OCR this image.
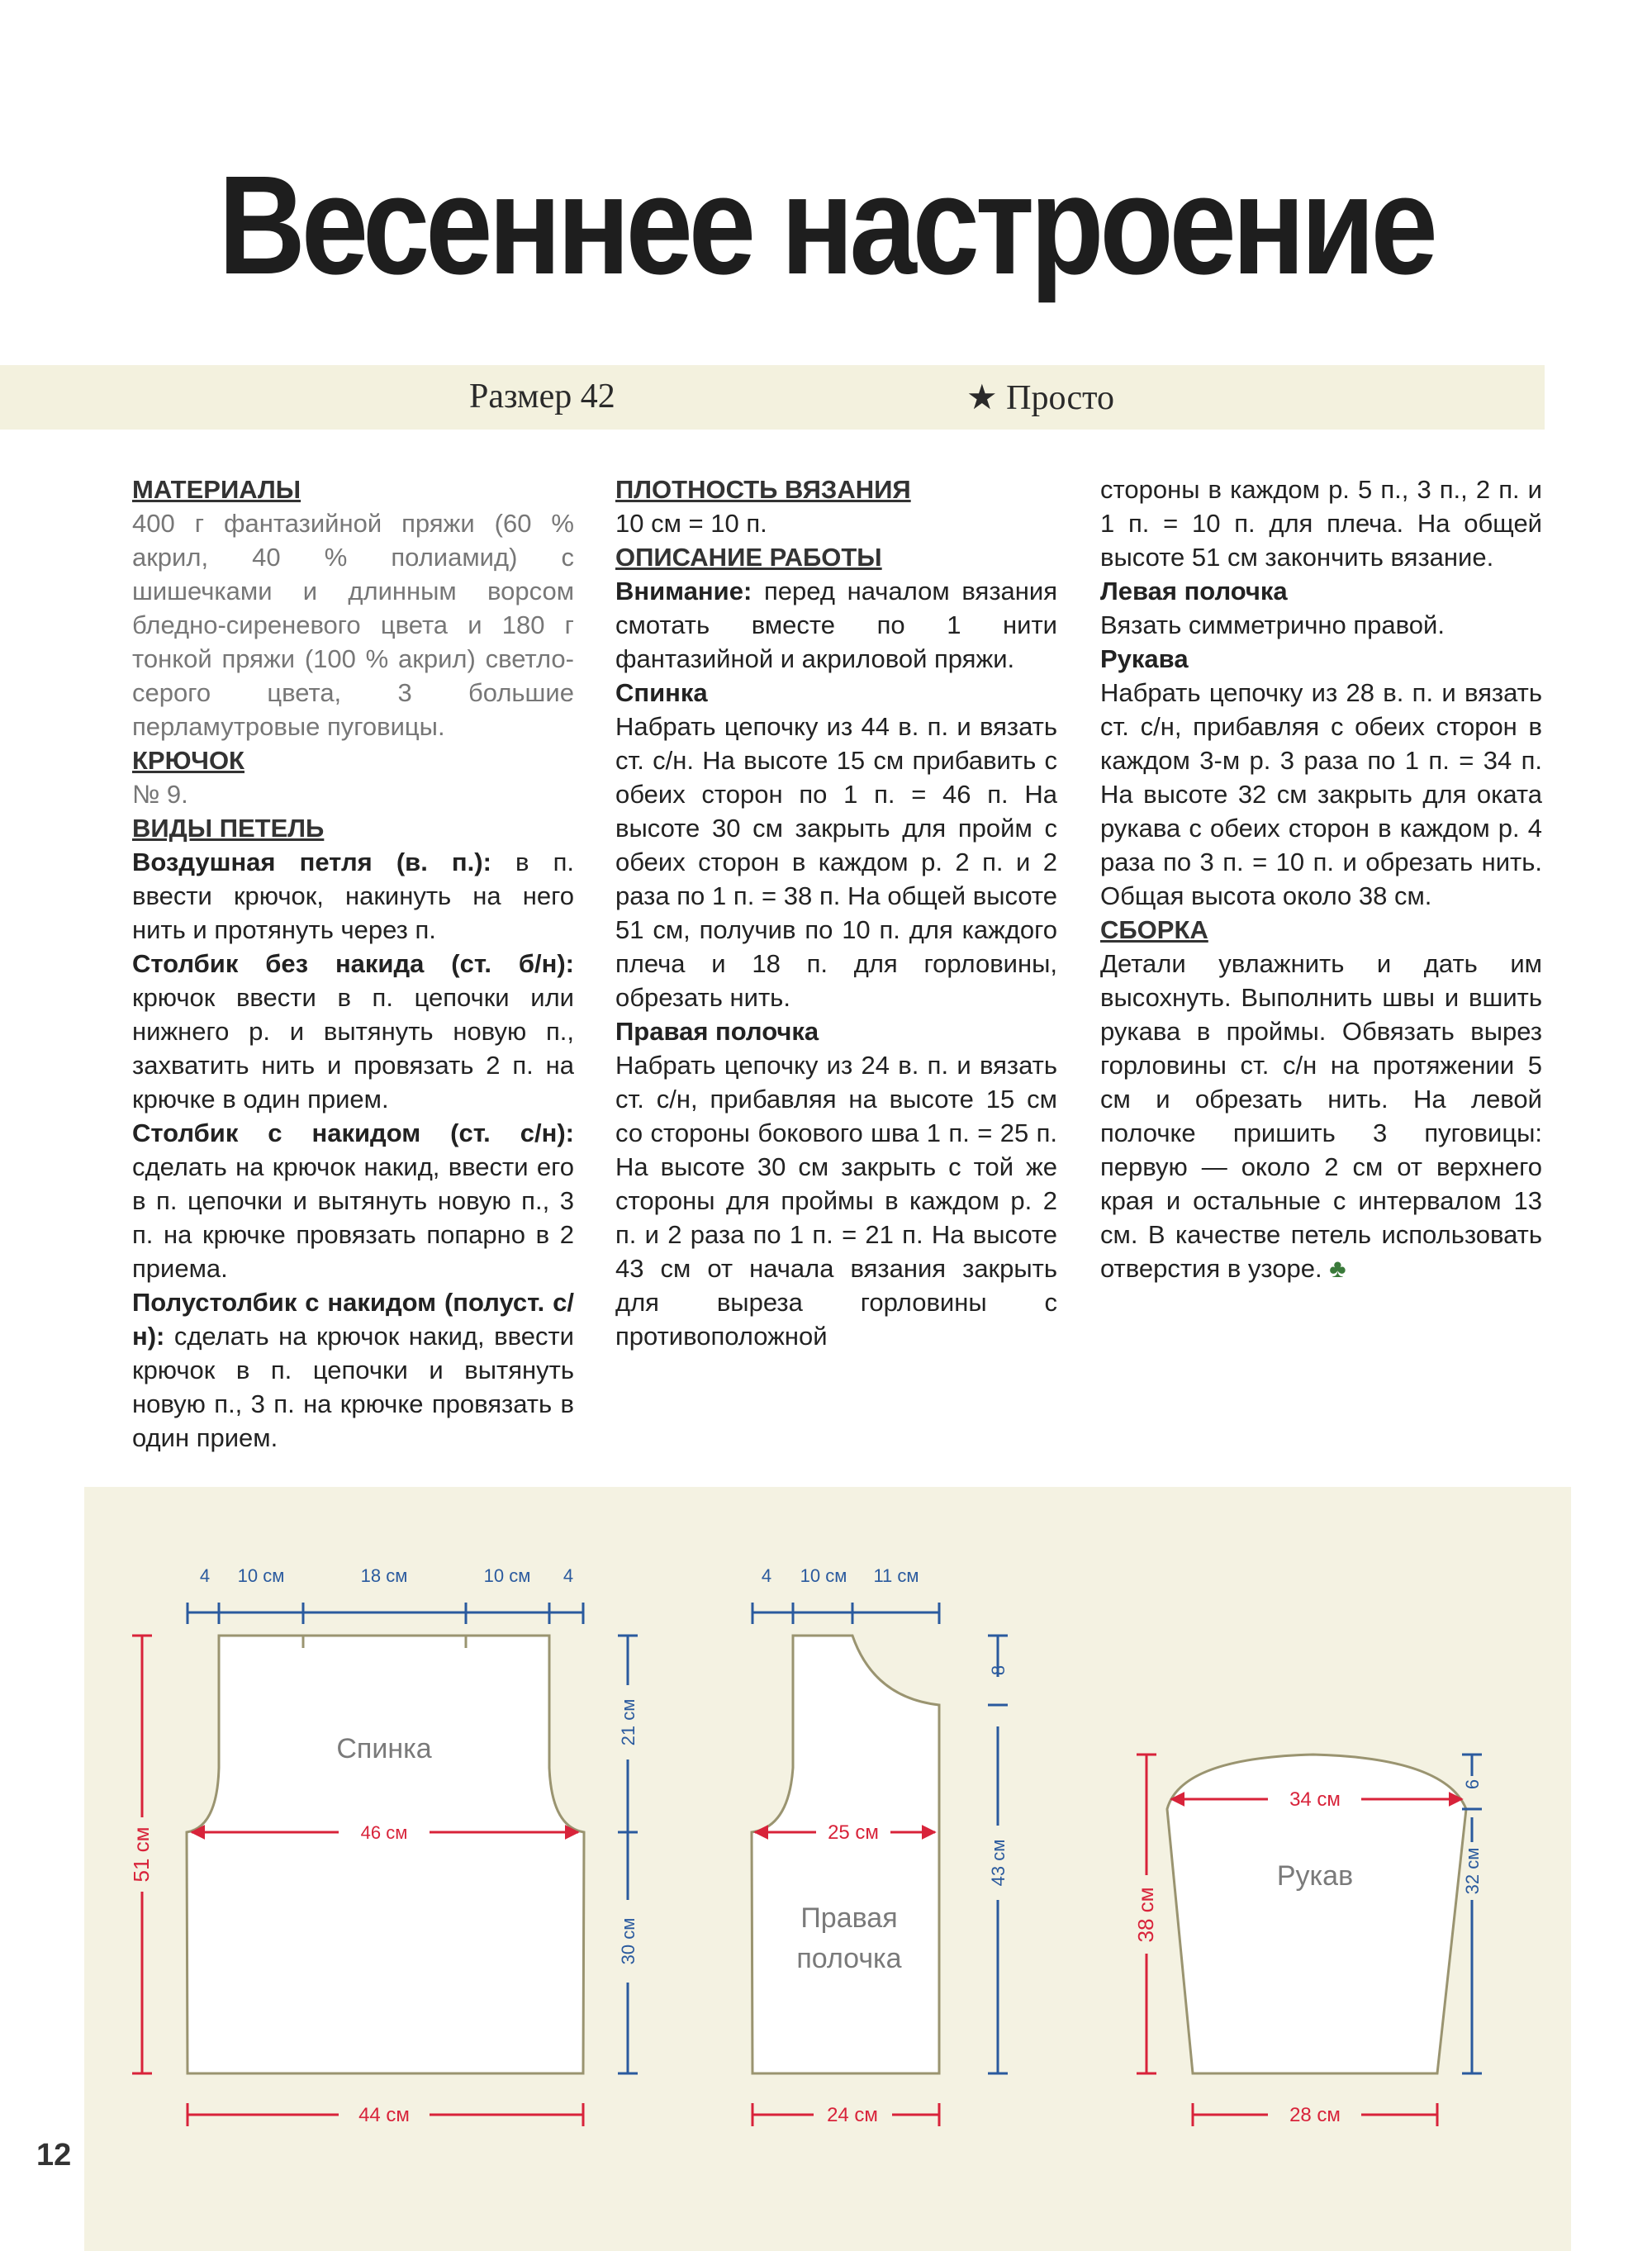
Весеннее настроение
Размер 42	★ Просто

МАТЕРИАЛЫ

400 г фантазийной пряжи (60 % акрил, 40 % полиамид) с шишечками и длинным ворсом бледно-сиреневого цвета и 180 г тонкой пряжи (100 % акрил) светло-серого цвета, 3 большие перламутровые пуговицы.

КРЮЧОК

№ 9.

ВИДЫ ПЕТЕЛЬ

Воздушная петля (в. п.): в п. ввести крючок, накинуть на него нить и протянуть через п.

Столбик без накида (ст. б/н): крючок ввести в п. цепочки или нижнего р. и вытянуть новую п., захватить нить и провязать 2 п. на крючке в один прием.

Столбик с накидом (ст. с/н): сделать на крючок накид, ввести его в п. цепочки и вытянуть новую п., 3 п. на крючке провязать попарно в 2 приема.

Полустолбик с накидом (полуст. с/н): сделать на крючок накид, ввести крючок в п. цепочки и вытянуть новую п., 3 п. на крючке провязать в один прием.

ПЛОТНОСТЬ ВЯЗАНИЯ

10 см = 10 п.

ОПИСАНИЕ РАБОТЫ

Внимание: перед началом вязания смотать вместе по 1 нити фантазийной и акриловой пряжи.

Спинка

Набрать цепочку из 44 в. п. и вязать ст. с/н. На высоте 15 см прибавить с обеих сторон по 1 п. = 46 п. На высоте 30 см закрыть для пройм с обеих сторон в каждом р. 2 п. и 2 раза по 1 п. = 38 п. На общей высоте 51 см, получив по 10 п. для каждого плеча и 18 п. для горловины, обрезать нить.

Правая полочка

Набрать цепочку из 24 в. п. и вязать ст. с/н, прибавляя на высоте 15 см со стороны бокового шва 1 п. = 25 п. На высоте 30 см закрыть с той же стороны для проймы в каждом р. 2 п. и 2 раза по 1 п. = 21 п. На высоте 43 см от начала вязания закрыть для выреза горловины с противоположной

стороны в каждом р. 5 п., 3 п., 2 п. и 1 п. = 10 п. для плеча. На общей высоте 51 см закончить вязание.

Левая полочка

Вязать симметрично правой.

Рукава

Набрать цепочку из 28 в. п. и вязать ст. с/н, прибавляя с обеих сторон в каждом 3-м р. 3 раза по 1 п. = 34 п. На высоте 32 см закрыть для оката рукава с обеих сторон в каждом р. 4 раза по 3 п. = 10 п. и обрезать нить. Общая высота около 38 см.

СБОРКА

Детали увлажнить и дать им высохнуть. Выполнить швы и вшить рукава в проймы. Обвязать вырез горловины ст. с/н на протяжении 5 см и обрезать нить. На левой полочке пришить 3 пуговицы: первую — около 2 см от верхнего края и остальные с интервалом 13 см. В качестве петель использовать отверстия в узоре. ♣

Спинка
4 10 см	18 см	10 см 4
46 см
44 см
51 см
21 см
30 см	Правая
полочка
4 10 см 11 см
25 см
24 см
8
43 см	Рукав
34 см
28 см
38 см
6
32 см
12
